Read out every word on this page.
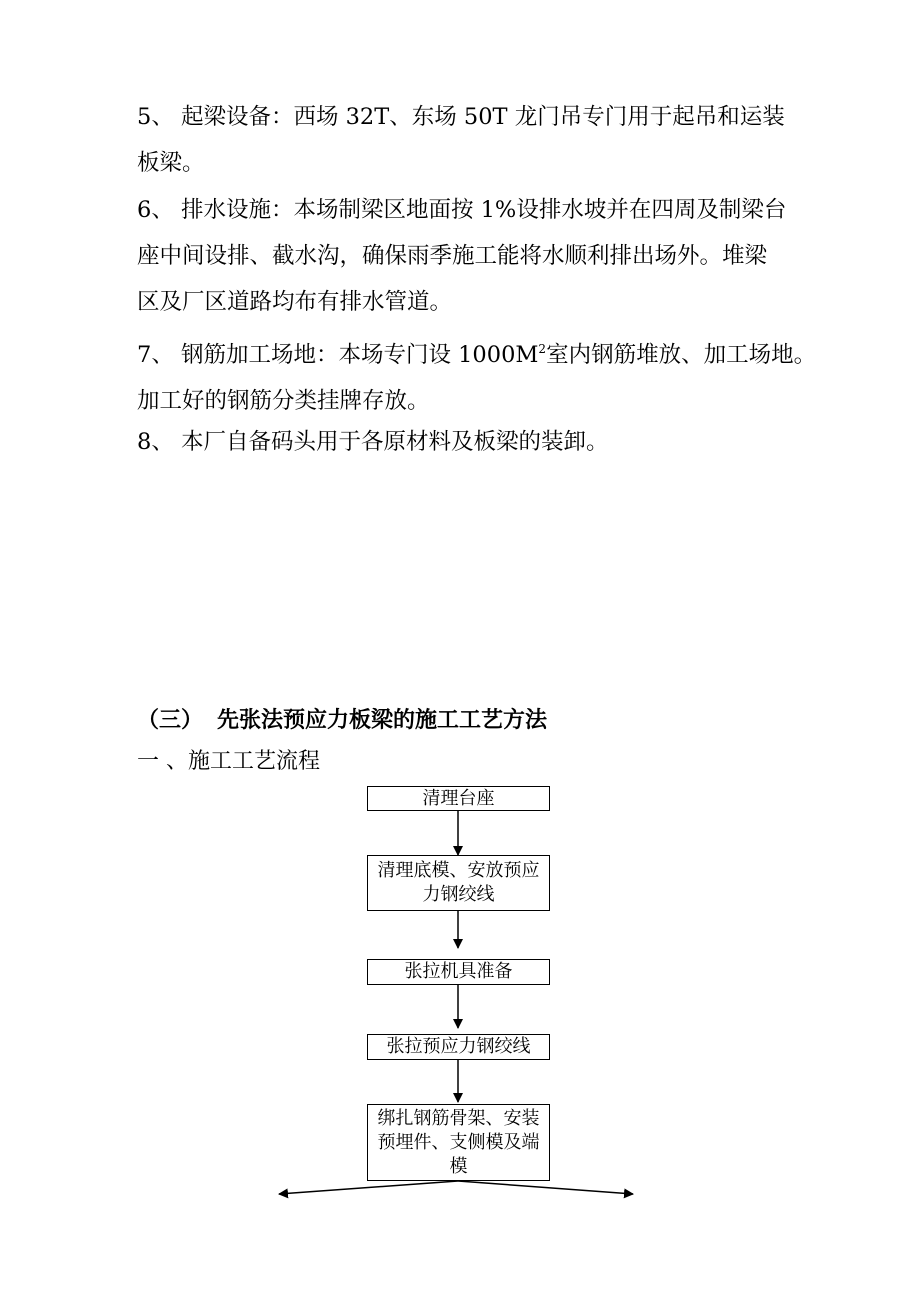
5、 起梁设备：西场 32T、东场 50T 龙门吊专门用于起吊和运装
板梁。
6、 排水设施：本场制梁区地面按 1%设排水坡并在四周及制梁台
座中间设排、截水沟，确保雨季施工能将水顺利排出场外。堆梁
区及厂区道路均布有排水管道。
7、 钢筋加工场地：本场专门设 $1000M^2$室内钢筋堆放、加工场地。
加工好的钢筋分类挂牌存放。
8、 本厂自备码头用于各原材料及板梁的装卸。
（三） 先张法预应力板梁的施工工艺方法
一 、施工工艺流程
清理台座
清理底模、安放预应
力钢绞线
张拉机具准备
张拉预应力钢绞线
绑扎钢筋骨架、安装
预埋件、支侧模及端
模
